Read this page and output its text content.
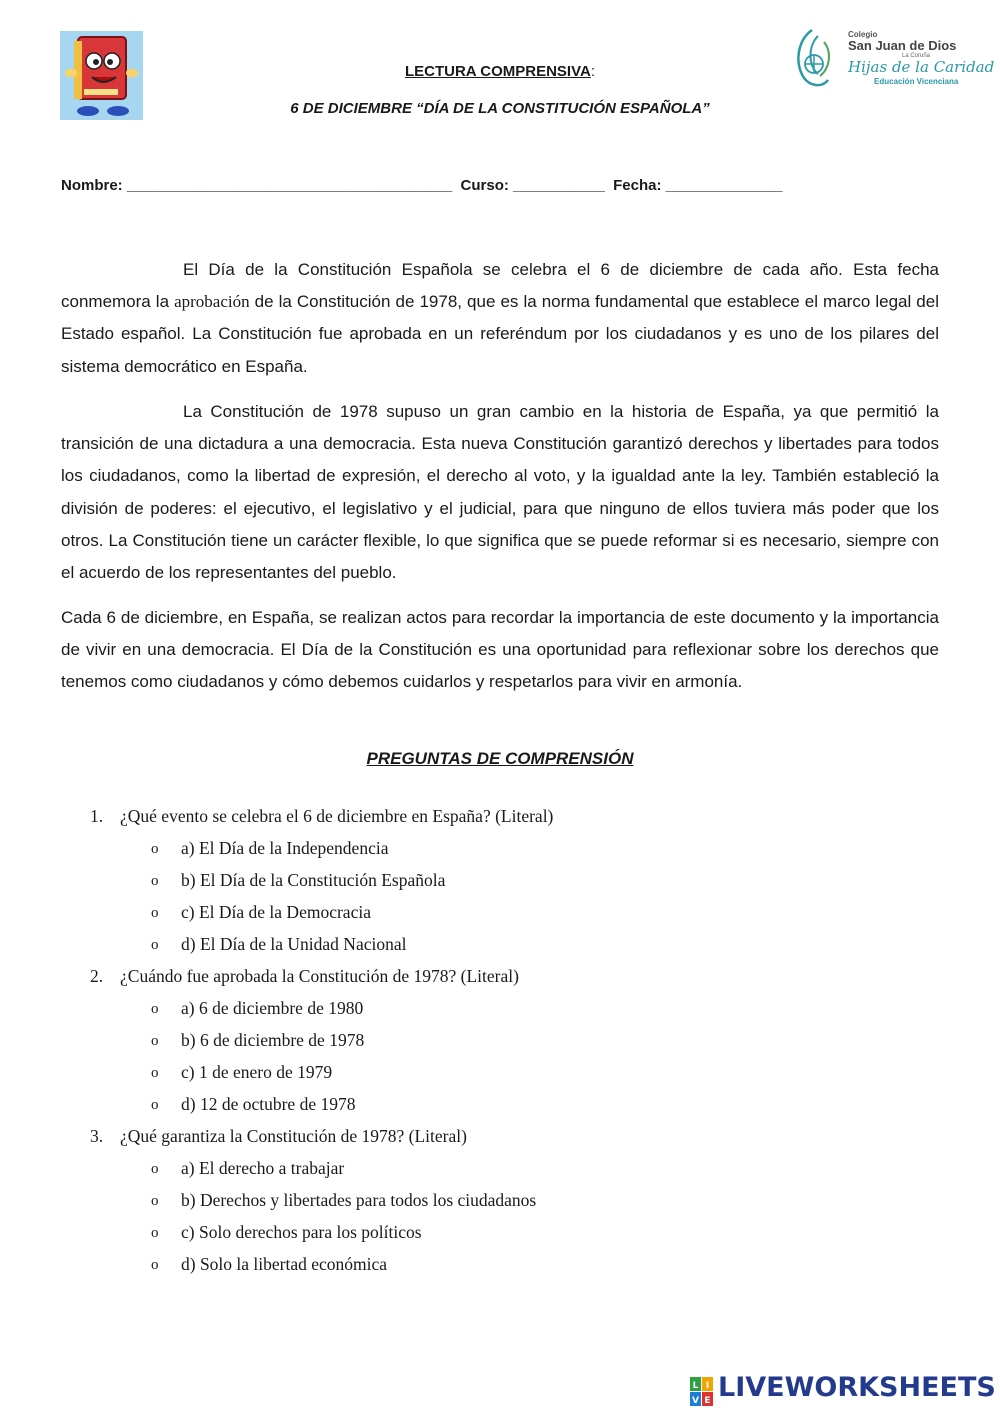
Colegio
San Juan de Dios
La Coruña
Hijas de la Caridad
Educación Vicenciana
LECTURA COMPRENSIVA:
6 DE DICIEMBRE “DÍA DE LA CONSTITUCIÓN ESPAÑOLA”
Nombre: _______________________________________ Curso: ___________ Fecha: ______________
El Día de la Constitución Española se celebra el 6 de diciembre de cada año. Esta fecha conmemora la aprobación de la Constitución de 1978, que es la norma fundamental que establece el marco legal del Estado español. La Constitución fue aprobada en un referéndum por los ciudadanos y es uno de los pilares del sistema democrático en España.
La Constitución de 1978 supuso un gran cambio en la historia de España, ya que permitió la transición de una dictadura a una democracia. Esta nueva Constitución garantizó derechos y libertades para todos los ciudadanos, como la libertad de expresión, el derecho al voto, y la igualdad ante la ley. También estableció la división de poderes: el ejecutivo, el legislativo y el judicial, para que ninguno de ellos tuviera más poder que los otros. La Constitución tiene un carácter flexible, lo que significa que se puede reformar si es necesario, siempre con el acuerdo de los representantes del pueblo.
Cada 6 de diciembre, en España, se realizan actos para recordar la importancia de este documento y la importancia de vivir en una democracia. El Día de la Constitución es una oportunidad para reflexionar sobre los derechos que tenemos como ciudadanos y cómo debemos cuidarlos y respetarlos para vivir en armonía.
PREGUNTAS DE COMPRENSIÓN
1. ¿Qué evento se celebra el 6 de diciembre en España? (Literal)
o a) El Día de la Independencia
o b) El Día de la Constitución Española
o c) El Día de la Democracia
o d) El Día de la Unidad Nacional
2. ¿Cuándo fue aprobada la Constitución de 1978? (Literal)
o a) 6 de diciembre de 1980
o b) 6 de diciembre de 1978
o c) 1 de enero de 1979
o d) 12 de octubre de 1978
3. ¿Qué garantiza la Constitución de 1978? (Literal)
o a) El derecho a trabajar
o b) Derechos y libertades para todos los ciudadanos
o c) Solo derechos para los políticos
o d) Solo la libertad económica
L I
V E LIVEWORKSHEETS
